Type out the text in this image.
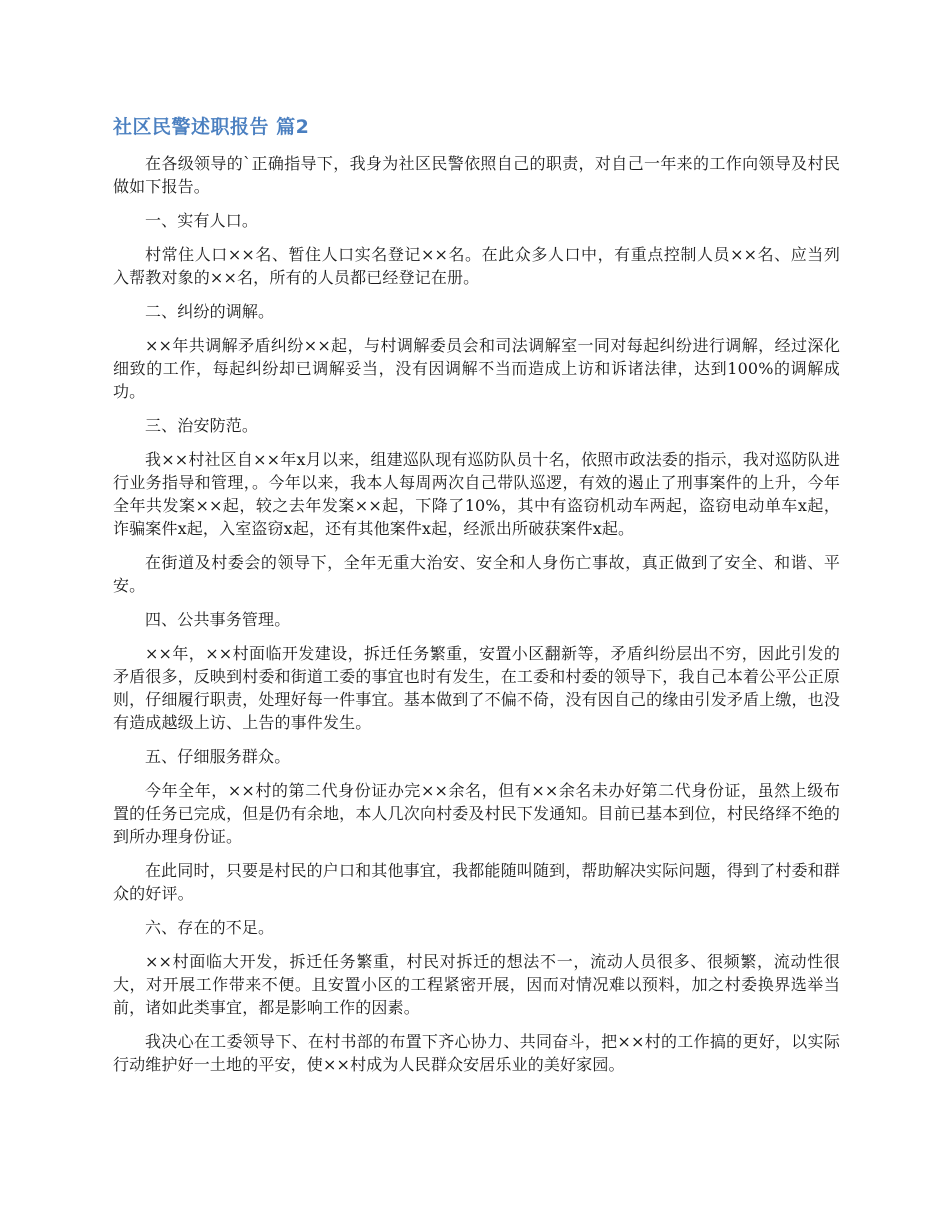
社区民警述职报告 篇2

在各级领导的`正确指导下，我身为社区民警依照自己的职责，对自己一年来的工作向领导及村民做如下报告。

一、实有人口。

村常住人口××名、暂住人口实名登记××名。在此众多人口中，有重点控制人员××名、应当列入帮教对象的××名，所有的人员都已经登记在册。

二、纠纷的调解。

××年共调解矛盾纠纷××起，与村调解委员会和司法调解室一同对每起纠纷进行调解，经过深化细致的工作，每起纠纷却已调解妥当，没有因调解不当而造成上访和诉诸法律，达到100%的调解成功。

三、治安防范。

我××村社区自××年x月以来，组建巡队现有巡防队员十名，依照市政法委的指示，我对巡防队进行业务指导和管理，。今年以来，我本人每周两次自己带队巡逻，有效的遏止了刑事案件的上升，今年全年共发案××起，较之去年发案××起，下降了10%，其中有盗窃机动车两起，盗窃电动单车x起，诈骗案件x起，入室盗窃x起，还有其他案件x起，经派出所破获案件x起。

在街道及村委会的领导下，全年无重大治安、安全和人身伤亡事故，真正做到了安全、和谐、平安。

四、公共事务管理。

××年，××村面临开发建设，拆迁任务繁重，安置小区翻新等，矛盾纠纷层出不穷，因此引发的矛盾很多，反映到村委和街道工委的事宜也时有发生，在工委和村委的领导下，我自己本着公平公正原则，仔细履行职责，处理好每一件事宜。基本做到了不偏不倚，没有因自己的缘由引发矛盾上缴，也没有造成越级上访、上告的事件发生。

五、仔细服务群众。

今年全年，××村的第二代身份证办完××余名，但有××余名未办好第二代身份证，虽然上级布置的任务已完成，但是仍有余地，本人几次向村委及村民下发通知。目前已基本到位，村民络绎不绝的到所办理身份证。

在此同时，只要是村民的户口和其他事宜，我都能随叫随到，帮助解决实际问题，得到了村委和群众的好评。

六、存在的不足。

××村面临大开发，拆迁任务繁重，村民对拆迁的想法不一，流动人员很多、很频繁，流动性很大，对开展工作带来不便。且安置小区的工程紧密开展，因而对情况难以预料，加之村委换界选举当前，诸如此类事宜，都是影响工作的因素。

我决心在工委领导下、在村书部的布置下齐心协力、共同奋斗，把××村的工作搞的更好，以实际行动维护好一土地的平安，使××村成为人民群众安居乐业的美好家园。
